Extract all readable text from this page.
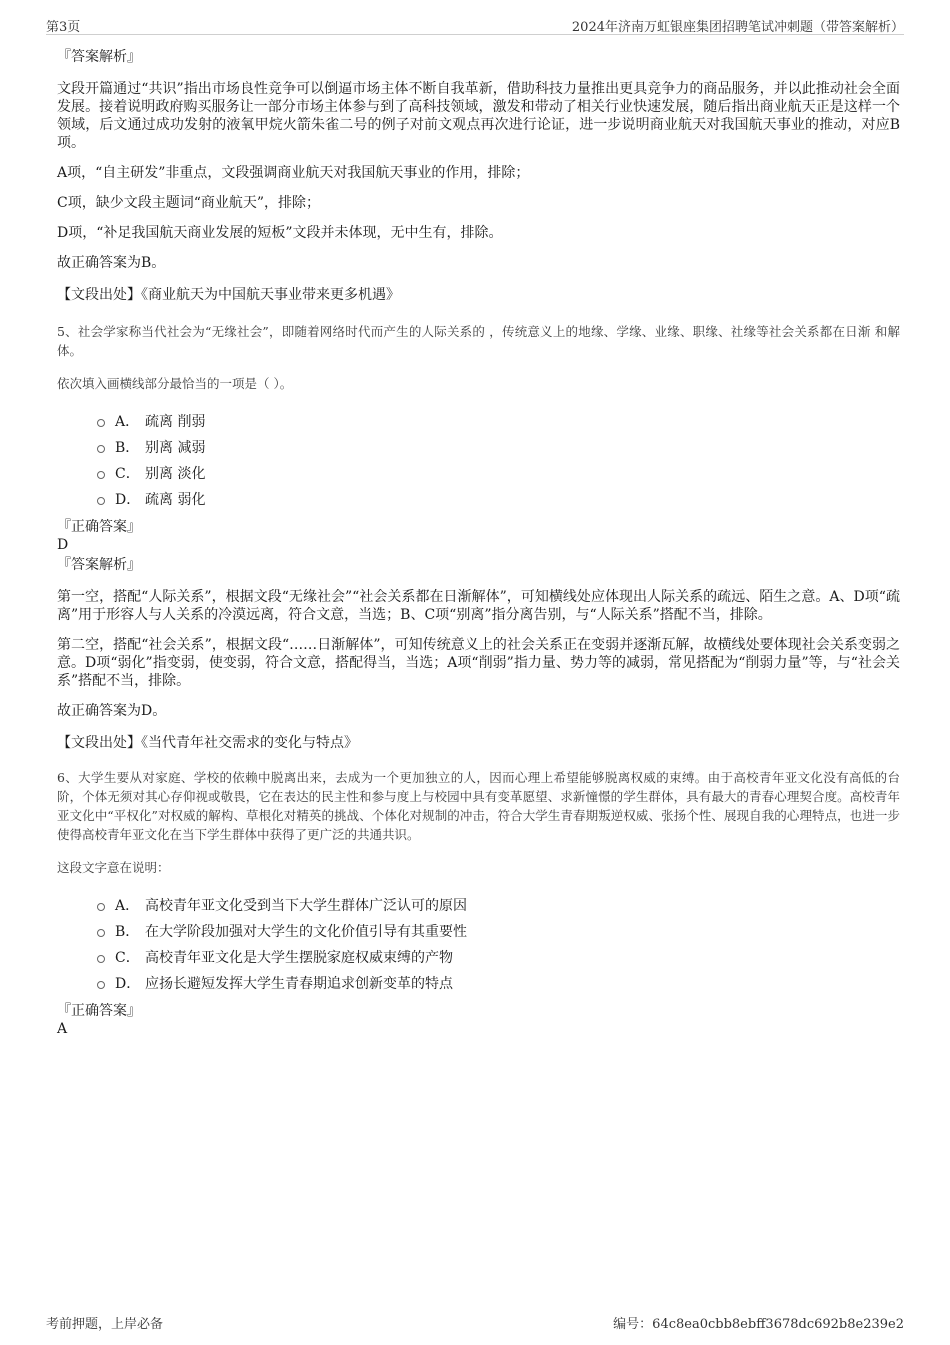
第3页	2024年济南万虹银座集团招聘笔试冲刺题（带答案解析）

『答案解析』

文段开篇通过“共识”指出市场良性竞争可以倒逼市场主体不断自我革新，借助科技力量推出更具竞争力的商品服务，并以此推动社会全面发展。接着说明政府购买服务让一部分市场主体参与到了高科技领域，激发和带动了相关行业快速发展，随后指出商业航天正是这样一个领域，后文通过成功发射的液氧甲烷火箭朱雀二号的例子对前文观点再次进行论证，进一步说明商业航天对我国航天事业的推动，对应B项。

A项，“自主研发”非重点，文段强调商业航天对我国航天事业的作用，排除；

C项，缺少文段主题词“商业航天”，排除；

D项，“补足我国航天商业发展的短板”文段并未体现，无中生有，排除。

故正确答案为B。

【文段出处】《商业航天为中国航天事业带来更多机遇》

5、社会学家称当代社会为“无缘社会”，即随着网络时代而产生的人际关系的 ，传统意义上的地缘、学缘、业缘、职缘、社缘等社会关系都在日渐 和解体。

依次填入画横线部分最恰当的一项是（ ）。

A． 疏离 削弱
B． 别离 减弱
C． 别离 淡化
D． 疏离 弱化

『正确答案』

D

『答案解析』

第一空，搭配“人际关系”，根据文段“无缘社会”“社会关系都在日渐解体”，可知横线处应体现出人际关系的疏远、陌生之意。A、D项“疏离”用于形容人与人关系的冷漠远离，符合文意，当选；B、C项“别离”指分离告别，与“人际关系”搭配不当，排除。

第二空，搭配“社会关系”，根据文段“……日渐解体”，可知传统意义上的社会关系正在变弱并逐渐瓦解，故横线处要体现社会关系变弱之意。D项“弱化”指变弱，使变弱，符合文意，搭配得当，当选；A项“削弱”指力量、势力等的减弱，常见搭配为“削弱力量”等，与“社会关系”搭配不当，排除。

故正确答案为D。

【文段出处】《当代青年社交需求的变化与特点》

6、大学生要从对家庭、学校的依赖中脱离出来，去成为一个更加独立的人，因而心理上希望能够脱离权威的束缚。由于高校青年亚文化没有高低的台阶，个体无须对其心存仰视或敬畏，它在表达的民主性和参与度上与校园中具有变革愿望、求新憧憬的学生群体，具有最大的青春心理契合度。高校青年亚文化中“平权化”对权威的解构、草根化对精英的挑战、个体化对规制的冲击，符合大学生青春期叛逆权威、张扬个性、展现自我的心理特点，也进一步使得高校青年亚文化在当下学生群体中获得了更广泛的共通共识。

这段文字意在说明：

A． 高校青年亚文化受到当下大学生群体广泛认可的原因
B． 在大学阶段加强对大学生的文化价值引导有其重要性
C． 高校青年亚文化是大学生摆脱家庭权威束缚的产物
D． 应扬长避短发挥大学生青春期追求创新变革的特点

『正确答案』

A

考前押题，上岸必备	编号：64c8ea0cbb8ebff3678dc692b8e239e2
